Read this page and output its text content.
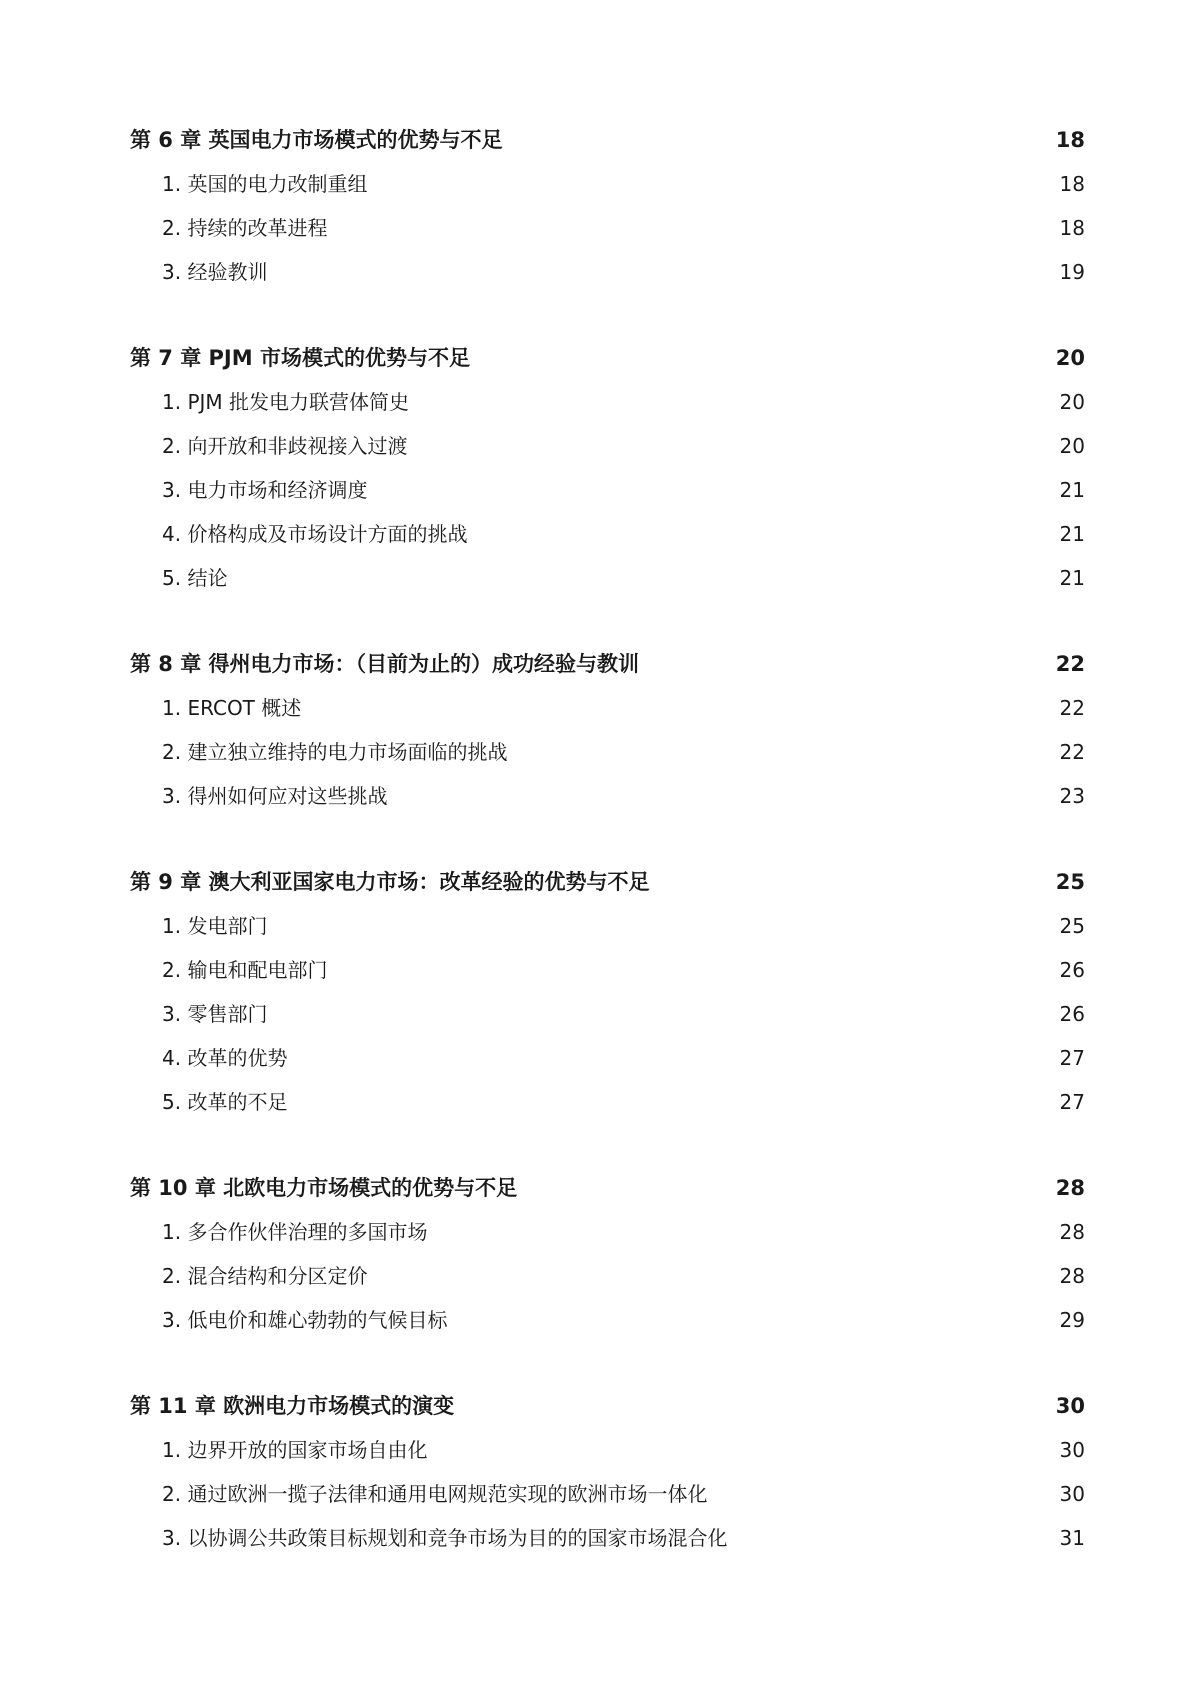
第 6 章 英国电力市场模式的优势与不足	18
1. 英国的电力改制重组	18
2. 持续的改革进程	18
3. 经验教训	19
第 7 章 PJM 市场模式的优势与不足	20
1. PJM 批发电力联营体简史	20
2. 向开放和非歧视接入过渡	20
3. 电力市场和经济调度	21
4. 价格构成及市场设计方面的挑战	21
5. 结论	21
第 8 章 得州电力市场：（目前为止的）成功经验与教训	22
1. ERCOT 概述	22
2. 建立独立维持的电力市场面临的挑战	22
3. 得州如何应对这些挑战	23
第 9 章 澳大利亚国家电力市场：改革经验的优势与不足	25
1. 发电部门	25
2. 输电和配电部门	26
3. 零售部门	26
4. 改革的优势	27
5. 改革的不足	27
第 10 章 北欧电力市场模式的优势与不足	28
1. 多合作伙伴治理的多国市场	28
2. 混合结构和分区定价	28
3. 低电价和雄心勃勃的气候目标	29
第 11 章 欧洲电力市场模式的演变	30
1. 边界开放的国家市场自由化	30
2. 通过欧洲一揽子法律和通用电网规范实现的欧洲市场一体化	30
3. 以协调公共政策目标规划和竞争市场为目的的国家市场混合化	31
